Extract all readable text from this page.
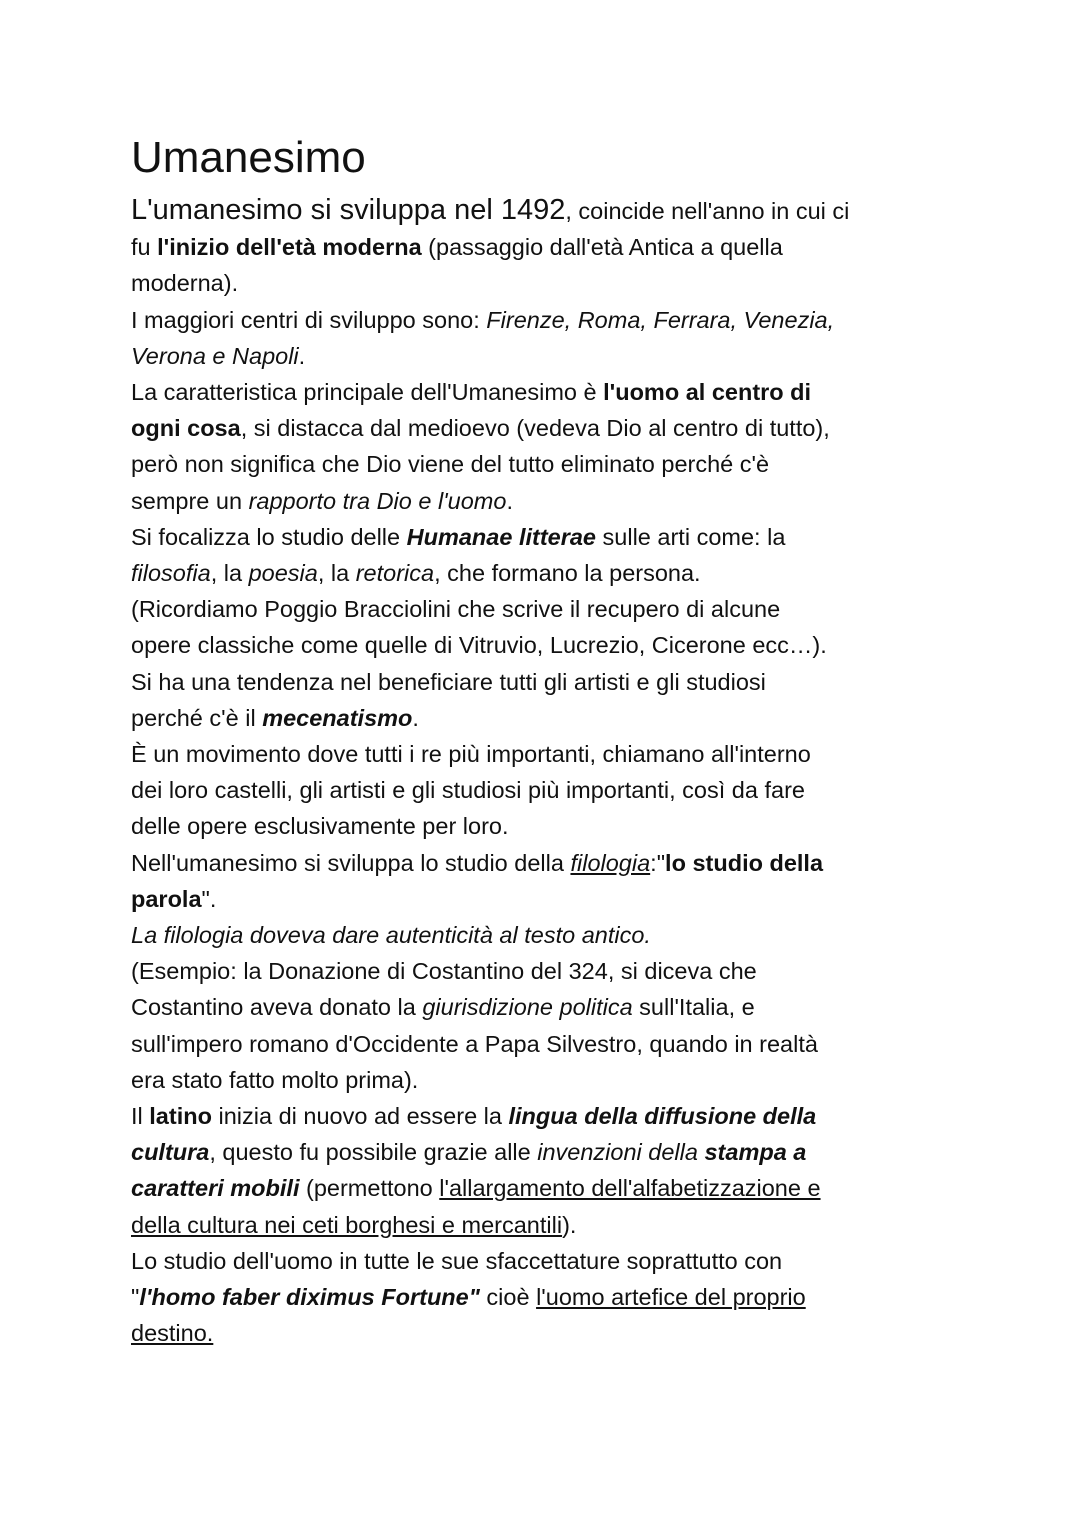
Umanesimo
L'umanesimo si sviluppa nel 1492, coincide nell'anno in cui ci
fu l'inizio dell'età moderna (passaggio dall'età Antica a quella
moderna).
I maggiori centri di sviluppo sono: Firenze, Roma, Ferrara, Venezia,
Verona e Napoli.
La caratteristica principale dell'Umanesimo è l'uomo al centro di
ogni cosa, si distacca dal medioevo (vedeva Dio al centro di tutto),
però non significa che Dio viene del tutto eliminato perché c'è
sempre un rapporto tra Dio e l'uomo.
Si focalizza lo studio delle Humanae litterae sulle arti come: la
filosofia, la poesia, la retorica, che formano la persona.
(Ricordiamo Poggio Bracciolini che scrive il recupero di alcune
opere classiche come quelle di Vitruvio, Lucrezio, Cicerone ecc…).
Si ha una tendenza nel beneficiare tutti gli artisti e gli studiosi
perché c'è il mecenatismo.
È un movimento dove tutti i re più importanti, chiamano all'interno
dei loro castelli, gli artisti e gli studiosi più importanti, così da fare
delle opere esclusivamente per loro.
Nell'umanesimo si sviluppa lo studio della filologia:"lo studio della
parola".
La filologia doveva dare autenticità al testo antico.
(Esempio: la Donazione di Costantino del 324, si diceva che
Costantino aveva donato la giurisdizione politica sull'Italia, e
sull'impero romano d'Occidente a Papa Silvestro, quando in realtà
era stato fatto molto prima).
Il latino inizia di nuovo ad essere la lingua della diffusione della
cultura, questo fu possibile grazie alle invenzioni della stampa a
caratteri mobili (permettono l'allargamento dell'alfabetizzazione e
della cultura nei ceti borghesi e mercantili).
Lo studio dell'uomo in tutte le sue sfaccettature soprattutto con
"l'homo faber diximus Fortune" cioè l'uomo artefice del proprio
destino.
